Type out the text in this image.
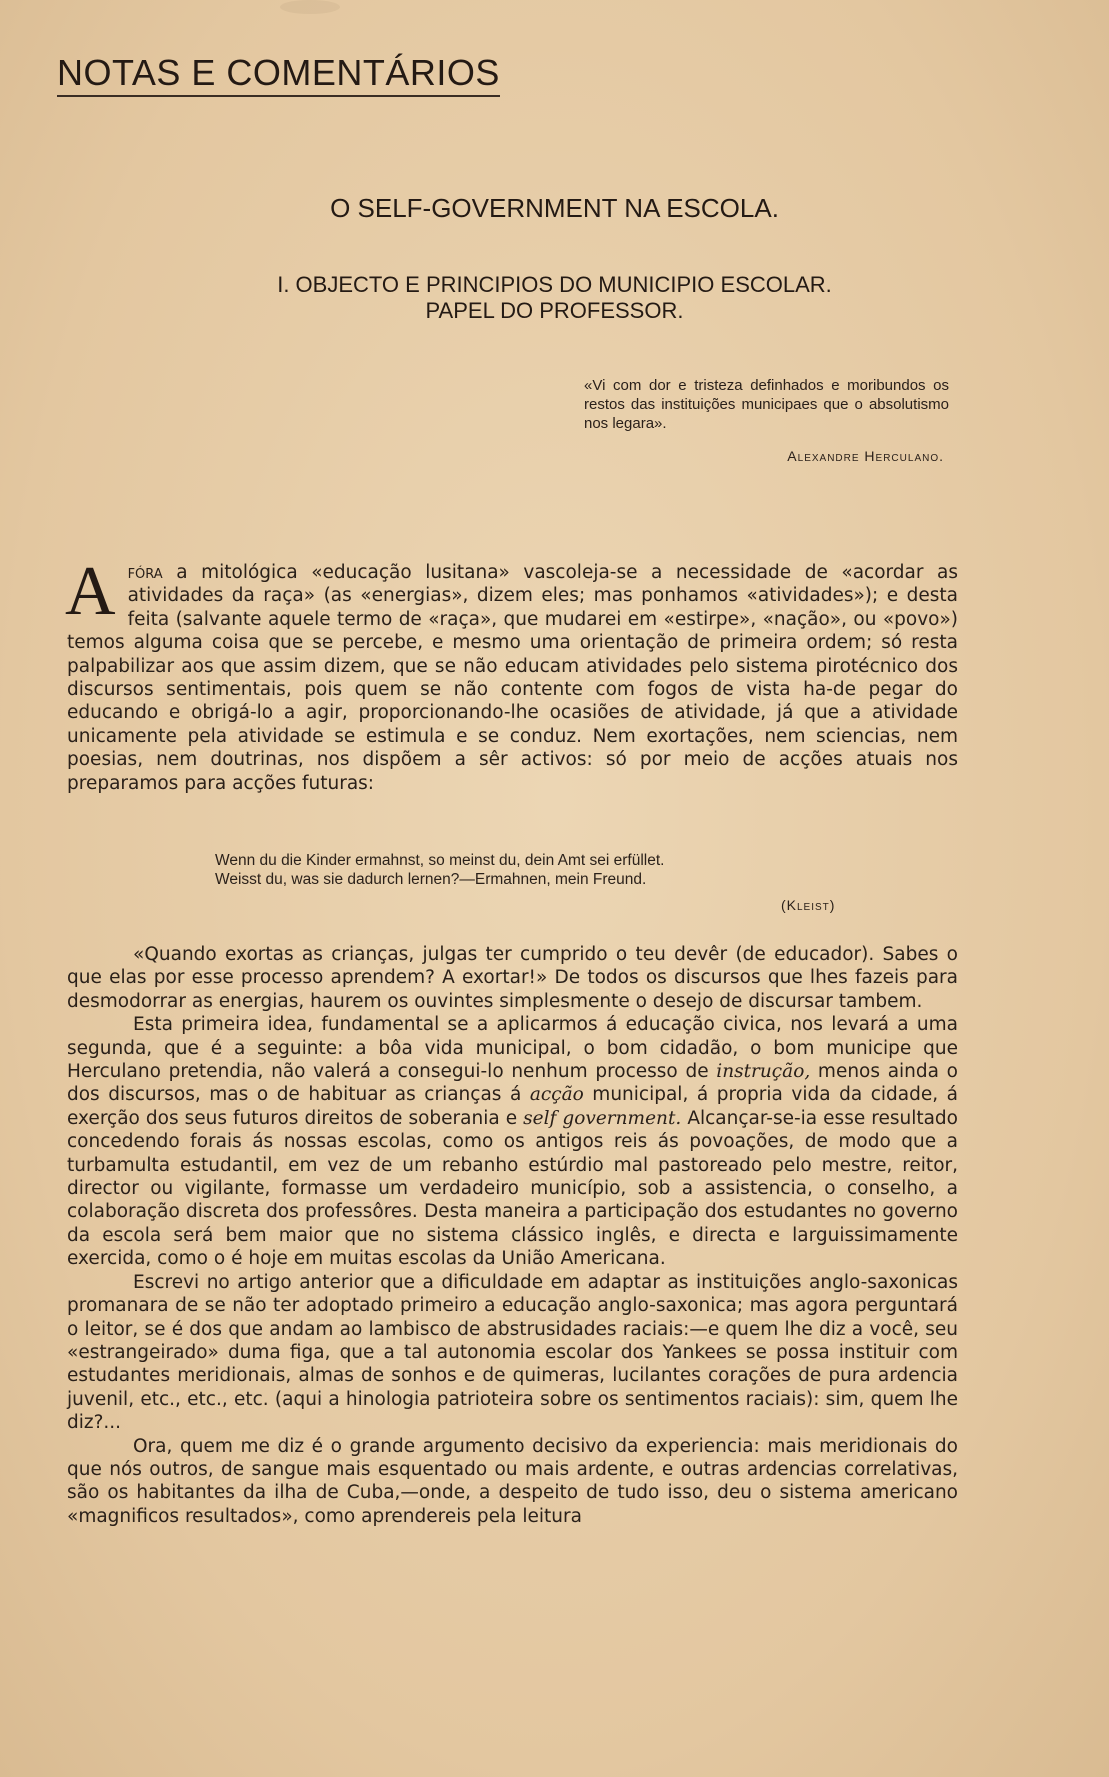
NOTAS E COMENTÁRIOS
O SELF-GOVERNMENT NA ESCOLA.
I. OBJECTO E PRINCIPIOS DO MUNICIPIO ESCOLAR.
PAPEL DO PROFESSOR.
«Vi com dor e tristeza definhados e moribundos os restos das instituições municipaes que o absolutismo nos legara».
Alexandre Herculano.

Afóra a mitológica «educação lusitana» vascoleja-se a necessidade de «acordar as atividades da raça» (as «energias», dizem eles; mas ponhamos «atividades»); e desta feita (salvante aquele termo de «raça», que mudarei em «estirpe», «nação», ou «povo») temos alguma coisa que se percebe, e mesmo uma orientação de primeira ordem; só resta palpabilizar aos que assim dizem, que se não educam atividades pelo sistema pirotécnico dos discursos sentimentais, pois quem se não contente com fogos de vista ha-de pegar do educando e obrigá-lo a agir, proporcionando-lhe ocasiões de atividade, já que a atividade unicamente pela atividade se estimula e se conduz. Nem exortações, nem sciencias, nem poesias, nem doutrinas, nos dispõem a sêr activos: só por meio de acções atuais nos preparamos para acções futuras:

Wenn du die Kinder ermahnst, so meinst du, dein Amt sei erfüllet.
Weisst du, was sie dadurch lernen?—Ermahnen, mein Freund.
(Kleist)

«Quando exortas as crianças, julgas ter cumprido o teu devêr (de educador). Sabes o que elas por esse processo aprendem? A exortar!» De todos os discursos que lhes fazeis para desmodorrar as energias, haurem os ouvintes simplesmente o desejo de discursar tambem.

Esta primeira idea, fundamental se a aplicarmos á educação civica, nos levará a uma segunda, que é a seguinte: a bôa vida municipal, o bom cidadão, o bom municipe que Herculano pretendia, não valerá a consegui-lo nenhum processo de instrução, menos ainda o dos discursos, mas o de habituar as crianças á acção municipal, á propria vida da cidade, á exerção dos seus futuros direitos de soberania e self government. Alcançar-se-ia esse resultado concedendo forais ás nossas escolas, como os antigos reis ás povoações, de modo que a turbamulta estudantil, em vez de um rebanho estúrdio mal pastoreado pelo mestre, reitor, director ou vigilante, formasse um verdadeiro município, sob a assistencia, o conselho, a colaboração discreta dos professôres. Desta maneira a participação dos estudantes no governo da escola será bem maior que no sistema clássico inglês, e directa e larguissimamente exercida, como o é hoje em muitas escolas da União Americana.

Escrevi no artigo anterior que a dificuldade em adaptar as instituições anglo-saxonicas promanara de se não ter adoptado primeiro a educação anglo-saxonica; mas agora perguntará o leitor, se é dos que andam ao lambisco de abstrusidades raciais:—e quem lhe diz a você, seu «estrangeirado» duma figa, que a tal autonomia escolar dos Yankees se possa instituir com estudantes meridionais, almas de sonhos e de quimeras, lucilantes corações de pura ardencia juvenil, etc., etc., etc. (aqui a hinologia patrioteira sobre os sentimentos raciais): sim, quem lhe diz?...

Ora, quem me diz é o grande argumento decisivo da experiencia: mais meridionais do que nós outros, de sangue mais esquentado ou mais ardente, e outras ardencias correlativas, são os habitantes da ilha de Cuba,—onde, a despeito de tudo isso, deu o sistema americano «magnificos resultados», como aprendereis pela leitura
